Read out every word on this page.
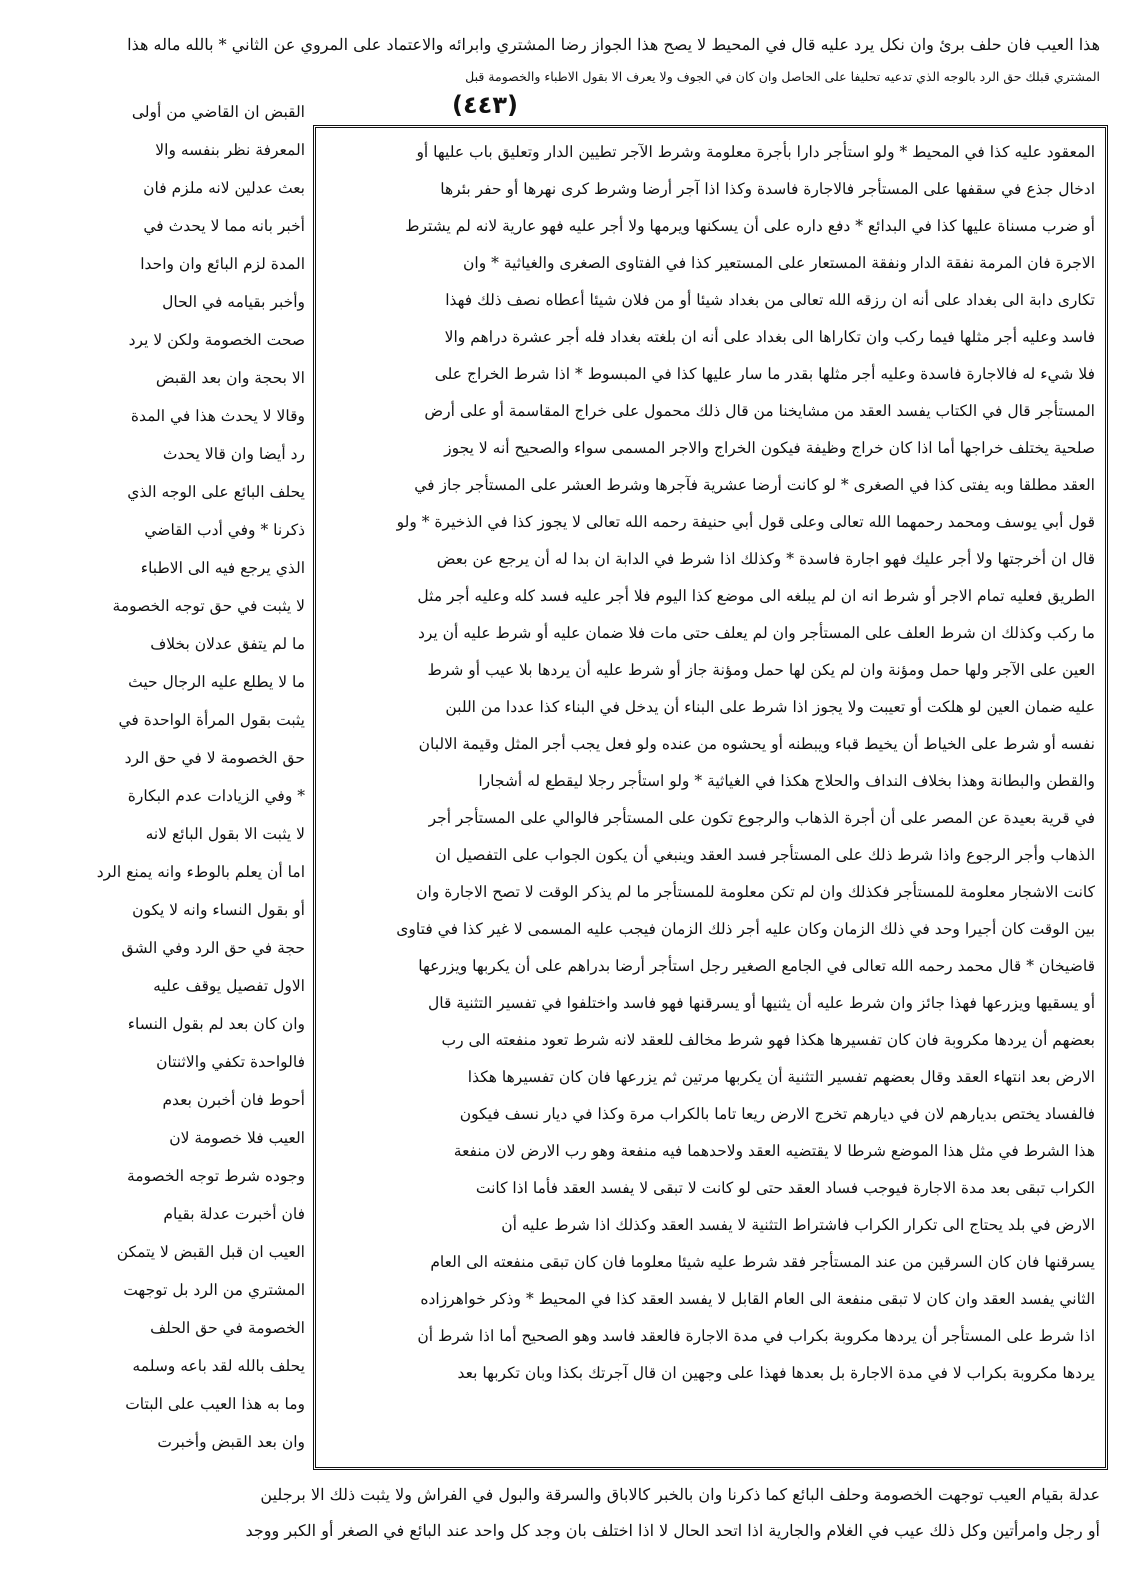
هذا العيب فان حلف برئ وان نكل يرد عليه قال في المحيط لا يصح هذا الجواز رضا المشتري وابرائه والاعتماد على المروي عن الثاني * بالله ماله هذا
المشتري قبلك حق الرد بالوجه الذي تدعيه تحليفا على الحاصل وان كان في الجوف ولا يعرف الا بقول الاطباء والخصومة قبل
(٤٤٣)
المعقود عليه كذا في المحيط * ولو استأجر دارا بأجرة معلومة وشرط الآجر تطيين الدار وتعليق باب عليها أو
ادخال جذع في سقفها على المستأجر فالاجارة فاسدة وكذا اذا آجر أرضا وشرط كرى نهرها أو حفر بئرها
أو ضرب مسناة عليها كذا في البدائع * دفع داره على أن يسكنها ويرمها ولا أجر عليه فهو عارية لانه لم يشترط
الاجرة فان المرمة نفقة الدار ونفقة المستعار على المستعير كذا في الفتاوى الصغرى والغياثية * وان
تكارى دابة الى بغداد على أنه ان رزقه الله تعالى من بغداد شيئا أو من فلان شيئا أعطاه نصف ذلك فهذا
فاسد وعليه أجر مثلها فيما ركب وان تكاراها الى بغداد على أنه ان بلغته بغداد فله أجر عشرة دراهم والا
فلا شيء له فالاجارة فاسدة وعليه أجر مثلها بقدر ما سار عليها كذا في المبسوط * اذا شرط الخراج على
المستأجر قال في الكتاب يفسد العقد من مشايخنا من قال ذلك محمول على خراج المقاسمة أو على أرض
صلحية يختلف خراجها أما اذا كان خراج وظيفة فيكون الخراج والاجر المسمى سواء والصحيح أنه لا يجوز
العقد مطلقا وبه يفتى كذا في الصغرى * لو كانت أرضا عشرية فآجرها وشرط العشر على المستأجر جاز في
قول أبي يوسف ومحمد رحمهما الله تعالى وعلى قول أبي حنيفة رحمه الله تعالى لا يجوز كذا في الذخيرة * ولو
قال ان أخرجتها ولا أجر عليك فهو اجارة فاسدة * وكذلك اذا شرط في الدابة ان بدا له أن يرجع عن بعض
الطريق فعليه تمام الاجر أو شرط انه ان لم يبلغه الى موضع كذا اليوم فلا أجر عليه فسد كله وعليه أجر مثل
ما ركب وكذلك ان شرط العلف على المستأجر وان لم يعلف حتى مات فلا ضمان عليه أو شرط عليه أن يرد
العين على الآجر ولها حمل ومؤنة وان لم يكن لها حمل ومؤنة جاز أو شرط عليه أن يردها بلا عيب أو شرط
عليه ضمان العين لو هلكت أو تعيبت ولا يجوز اذا شرط على البناء أن يدخل في البناء كذا عددا من اللبن
نفسه أو شرط على الخياط أن يخيط قباء ويبطنه أو يحشوه من عنده ولو فعل يجب أجر المثل وقيمة الالبان
والقطن والبطانة وهذا بخلاف النداف والحلاج هكذا في الغياثية * ولو استأجر رجلا ليقطع له أشجارا
في قرية بعيدة عن المصر على أن أجرة الذهاب والرجوع تكون على المستأجر فالوالي على المستأجر أجر
الذهاب وأجر الرجوع واذا شرط ذلك على المستأجر فسد العقد وينبغي أن يكون الجواب على التفصيل ان
كانت الاشجار معلومة للمستأجر فكذلك وان لم تكن معلومة للمستأجر ما لم يذكر الوقت لا تصح الاجارة وان
بين الوقت كان أجيرا وحد في ذلك الزمان وكان عليه أجر ذلك الزمان فيجب عليه المسمى لا غير كذا في فتاوى
قاضيخان * قال محمد رحمه الله تعالى في الجامع الصغير رجل استأجر أرضا بدراهم على أن يكربها ويزرعها
أو يسقيها ويزرعها فهذا جائز وان شرط عليه أن يثنيها أو يسرقنها فهو فاسد واختلفوا في تفسير التثنية قال
بعضهم أن يردها مكروبة فان كان تفسيرها هكذا فهو شرط مخالف للعقد لانه شرط تعود منفعته الى رب
الارض بعد انتهاء العقد وقال بعضهم تفسير التثنية أن يكربها مرتين ثم يزرعها فان كان تفسيرها هكذا
فالفساد يختص بديارهم لان في ديارهم تخرج الارض ريعا تاما بالكراب مرة وكذا في ديار نسف فيكون
هذا الشرط في مثل هذا الموضع شرطا لا يقتضيه العقد ولاحدهما فيه منفعة وهو رب الارض لان منفعة
الكراب تبقى بعد مدة الاجارة فيوجب فساد العقد حتى لو كانت لا تبقى لا يفسد العقد فأما اذا كانت
الارض في بلد يحتاج الى تكرار الكراب فاشتراط التثنية لا يفسد العقد وكذلك اذا شرط عليه أن
يسرقنها فان كان السرقين من عند المستأجر فقد شرط عليه شيئا معلوما فان كان تبقى منفعته الى العام
الثاني يفسد العقد وان كان لا تبقى منفعة الى العام القابل لا يفسد العقد كذا في المحيط * وذكر خواهرزاده
اذا شرط على المستأجر أن يردها مكروبة بكراب في مدة الاجارة فالعقد فاسد وهو الصحيح أما اذا شرط أن
يردها مكروبة بكراب لا في مدة الاجارة بل بعدها فهذا على وجهين ان قال آجرتك بكذا وبان تكربها بعد
القبض ان القاضي من أولى
المعرفة نظر بنفسه والا
بعث عدلين لانه ملزم فان
أخبر بانه مما لا يحدث في
المدة لزم البائع وان واحدا
وأخبر بقيامه في الحال
صحت الخصومة ولكن لا يرد
الا بحجة وان بعد القبض
وقالا لا يحدث هذا في المدة
رد أيضا وان قالا يحدث
يحلف البائع على الوجه الذي
ذكرنا * وفي أدب القاضي
الذي يرجع فيه الى الاطباء
لا يثبت في حق توجه الخصومة
ما لم يتفق عدلان بخلاف
ما لا يطلع عليه الرجال حيث
يثبت بقول المرأة الواحدة في
حق الخصومة لا في حق الرد
* وفي الزيادات عدم البكارة
لا يثبت الا بقول البائع لانه
اما أن يعلم بالوطء وانه يمنع الرد
أو بقول النساء وانه لا يكون
حجة في حق الرد وفي الشق
الاول تفصيل يوقف عليه
وان كان بعد لم بقول النساء
فالواحدة تكفي والاثنتان
أحوط فان أخبرن بعدم
العيب فلا خصومة لان
وجوده شرط توجه الخصومة
فان أخبرت عدلة بقيام
العيب ان قبل القبض لا يتمكن
المشتري من الرد بل توجهت
الخصومة في حق الحلف
يحلف بالله لقد باعه وسلمه
وما به هذا العيب على البتات
وان بعد القبض وأخبرت
عدلة بقيام العيب توجهت الخصومة وحلف البائع كما ذكرنا وان بالخبر كالاباق والسرقة والبول في الفراش ولا يثبت ذلك الا برجلين
أو رجل وامرأتين وكل ذلك عيب في الغلام والجارية اذا اتحد الحال لا اذا اختلف بان وجد كل واحد عند البائع في الصغر أو الكبر ووجد
